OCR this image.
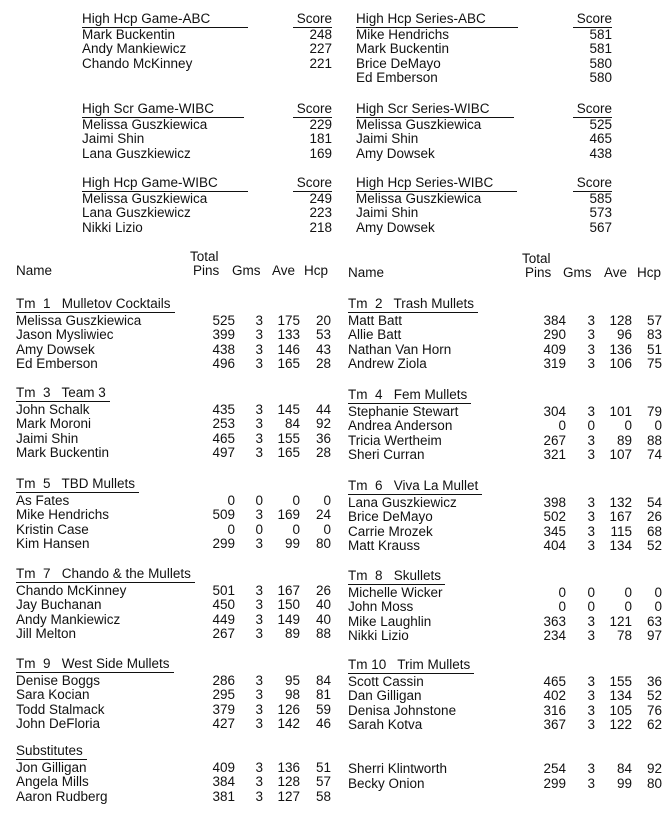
High Hcp Game-ABC	Score
Mark Buckentin	248
Andy Mankiewicz	227
Chando McKinney	221
High Hcp Series-ABC	Score
Mike Hendrichs	581
Mark Buckentin	581
Brice DeMayo	580
Ed Emberson	580
High Scr Game-WIBC	Score
Melissa Guszkiewica	229
Jaimi Shin	181
Lana Guszkiewicz	169
High Scr Series-WIBC	Score
Melissa Guszkiewica	525
Jaimi Shin	465
Amy Dowsek	438
High Hcp Game-WIBC	Score
Melissa Guszkiewica	249
Lana Guszkiewicz	223
Nikki Lizio	218
High Hcp Series-WIBC	Score
Melissa Guszkiewica	585
Jaimi Shin	573
Amy Dowsek	567
Name
Total
Pins Gms Ave Hcp Name
Total
Pins Gms Ave Hcp
Tm  1   Mulletov Cocktails
Melissa Guszkiewica	525 3 175 20
Jason Mysliwiec	399 3 133 53
Amy Dowsek	438 3 146 43
Ed Emberson	496 3 165 28
Tm  2   Trash Mullets
Matt Batt	384 3 128 57
Allie Batt	290 3 96 83
Nathan Van Horn	409 3 136 51
Andrew Ziola	319 3 106 75
Tm  3   Team 3
John Schalk	435 3 145 44
Mark Moroni	253 3 84 92
Jaimi Shin	465 3 155 36
Mark Buckentin	497 3 165 28
Tm  4   Fem Mullets
Stephanie Stewart	304 3 101 79
Andrea Anderson	0 0 0 0
Tricia Wertheim	267 3 89 88
Sheri Curran	321 3 107 74
Tm  5   TBD Mullets
As Fates	0 0 0 0
Mike Hendrichs	509 3 169 24
Kristin Case	0 0 0 0
Kim Hansen	299 3 99 80
Tm  6   Viva La Mullet
Lana Guszkiewicz	398 3 132 54
Brice DeMayo	502 3 167 26
Carrie Mrozek	345 3 115 68
Matt Krauss	404 3 134 52
Tm  7   Chando & the Mullets
Chando McKinney	501 3 167 26
Jay Buchanan	450 3 150 40
Andy Mankiewicz	449 3 149 40
Jill Melton	267 3 89 88
Tm  8   Skullets
Michelle Wicker	0 0 0 0
John Moss	0 0 0 0
Mike Laughlin	363 3 121 63
Nikki Lizio	234 3 78 97
Tm  9   West Side Mullets
Denise Boggs	286 3 95 84
Sara Kocian	295 3 98 81
Todd Stalmack	379 3 126 59
John DeFloria	427 3 142 46
Tm 10   Trim Mullets
Scott Cassin	465 3 155 36
Dan Gilligan	402 3 134 52
Denisa Johnstone	316 3 105 76
Sarah Kotva	367 3 122 62
Substitutes
Jon Gilligan	409 3 136 51
Angela Mills	384 3 128 57
Aaron Rudberg	381 3 127 58
Sherri Klintworth	254 3 84 92
Becky Onion	299 3 99 80
